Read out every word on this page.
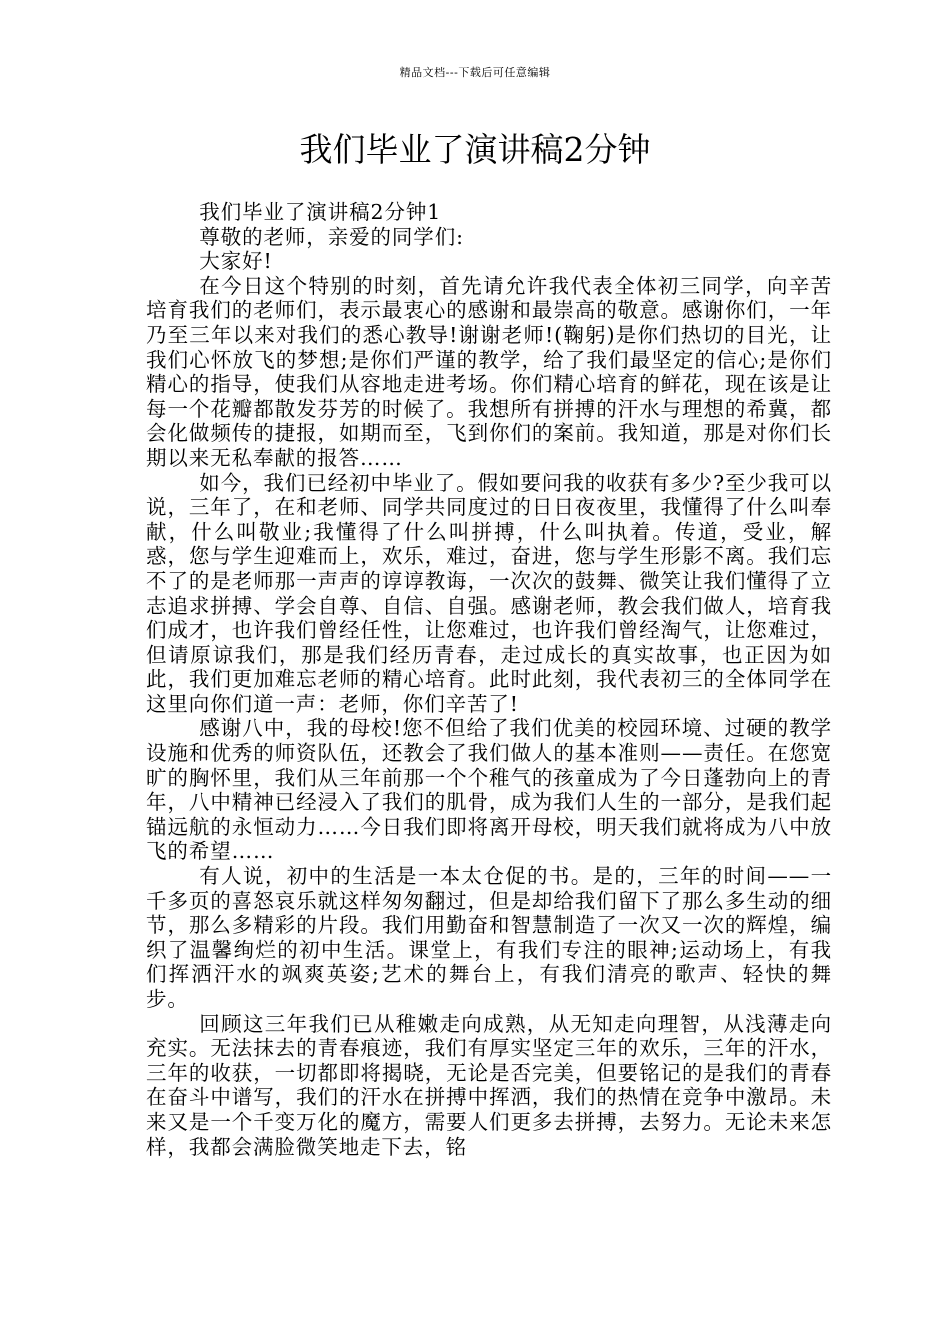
精品文档---下载后可任意编辑
我们毕业了演讲稿2分钟

我们毕业了演讲稿2分钟1

尊敬的老师，亲爱的同学们:

大家好!

在今日这个特别的时刻，首先请允许我代表全体初三同学，向辛苦培育我们的老师们，表示最衷心的感谢和最崇高的敬意。感谢你们，一年乃至三年以来对我们的悉心教导!谢谢老师!(鞠躬)是你们热切的目光，让我们心怀放飞的梦想;是你们严谨的教学，给了我们最坚定的信心;是你们精心的指导，使我们从容地走进考场。你们精心培育的鲜花，现在该是让每一个花瓣都散发芬芳的时候了。我想所有拼搏的汗水与理想的希冀，都会化做频传的捷报，如期而至，飞到你们的案前。我知道，那是对你们长期以来无私奉献的报答……

如今，我们已经初中毕业了。假如要问我的收获有多少?至少我可以说，三年了，在和老师、同学共同度过的日日夜夜里，我懂得了什么叫奉献，什么叫敬业;我懂得了什么叫拼搏，什么叫执着。传道，受业，解惑，您与学生迎难而上，欢乐，难过，奋进，您与学生形影不离。我们忘不了的是老师那一声声的谆谆教诲，一次次的鼓舞、微笑让我们懂得了立志追求拼搏、学会自尊、自信、自强。感谢老师，教会我们做人，培育我们成才，也许我们曾经任性，让您难过，也许我们曾经淘气，让您难过，但请原谅我们，那是我们经历青春，走过成长的真实故事，也正因为如此，我们更加难忘老师的精心培育。此时此刻，我代表初三的全体同学在这里向你们道一声：老师，你们辛苦了!

感谢八中，我的母校!您不但给了我们优美的校园环境、过硬的教学设施和优秀的师资队伍，还教会了我们做人的基本准则——责任。在您宽旷的胸怀里，我们从三年前那一个个稚气的孩童成为了今日蓬勃向上的青年，八中精神已经浸入了我们的肌骨，成为我们人生的一部分，是我们起锚远航的永恒动力……今日我们即将离开母校，明天我们就将成为八中放飞的希望……

有人说，初中的生活是一本太仓促的书。是的，三年的时间——一千多页的喜怒哀乐就这样匆匆翻过，但是却给我们留下了那么多生动的细节，那么多精彩的片段。我们用勤奋和智慧制造了一次又一次的辉煌，编织了温馨绚烂的初中生活。课堂上，有我们专注的眼神;运动场上，有我们挥洒汗水的飒爽英姿;艺术的舞台上，有我们清亮的歌声、轻快的舞步。

回顾这三年我们已从稚嫩走向成熟，从无知走向理智，从浅薄走向充实。无法抹去的青春痕迹，我们有厚实坚定三年的欢乐，三年的汗水，三年的收获，一切都即将揭晓，无论是否完美，但要铭记的是我们的青春在奋斗中谱写，我们的汗水在拼搏中挥洒，我们的热情在竞争中激昂。未来又是一个千变万化的魔方，需要人们更多去拼搏，去努力。无论未来怎样，我都会满脸微笑地走下去，铭
